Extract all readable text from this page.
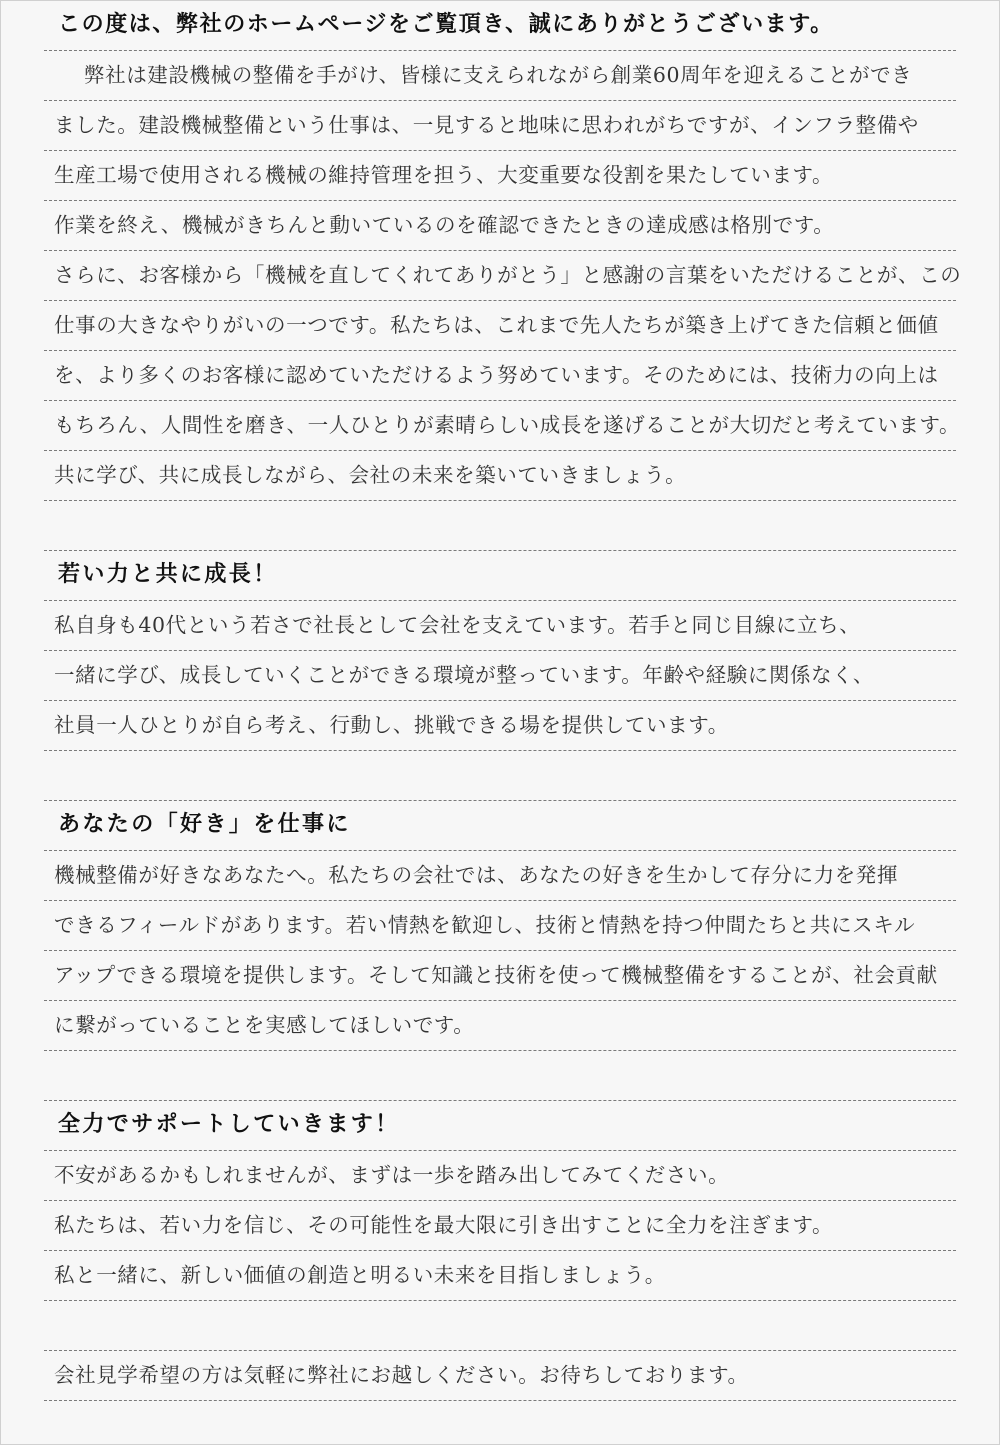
この度は、弊社のホームページをご覧頂き、誠にありがとうございます。
弊社は建設機械の整備を手がけ、皆様に支えられながら創業60周年を迎えることができ
ました。建設機械整備という仕事は、一見すると地味に思われがちですが、インフラ整備や
生産工場で使用される機械の維持管理を担う、大変重要な役割を果たしています。
作業を終え、機械がきちんと動いているのを確認できたときの達成感は格別です。
さらに、お客様から「機械を直してくれてありがとう」と感謝の言葉をいただけることが、この
仕事の大きなやりがいの一つです。私たちは、これまで先人たちが築き上げてきた信頼と価値
を、より多くのお客様に認めていただけるよう努めています。そのためには、技術力の向上は
もちろん、人間性を磨き、一人ひとりが素晴らしい成長を遂げることが大切だと考えています。
共に学び、共に成長しながら、会社の未来を築いていきましょう。
若い力と共に成長！
私自身も40代という若さで社長として会社を支えています。若手と同じ目線に立ち、
一緒に学び、成長していくことができる環境が整っています。年齢や経験に関係なく、
社員一人ひとりが自ら考え、行動し、挑戦できる場を提供しています。
あなたの「好き」を仕事に
機械整備が好きなあなたへ。私たちの会社では、あなたの好きを生かして存分に力を発揮
できるフィールドがあります。若い情熱を歓迎し、技術と情熱を持つ仲間たちと共にスキル
アップできる環境を提供します。そして知識と技術を使って機械整備をすることが、社会貢献
に繋がっていることを実感してほしいです。
全力でサポートしていきます！
不安があるかもしれませんが、まずは一歩を踏み出してみてください。
私たちは、若い力を信じ、その可能性を最大限に引き出すことに全力を注ぎます。
私と一緒に、新しい価値の創造と明るい未来を目指しましょう。
会社見学希望の方は気軽に弊社にお越しください。お待ちしております。
